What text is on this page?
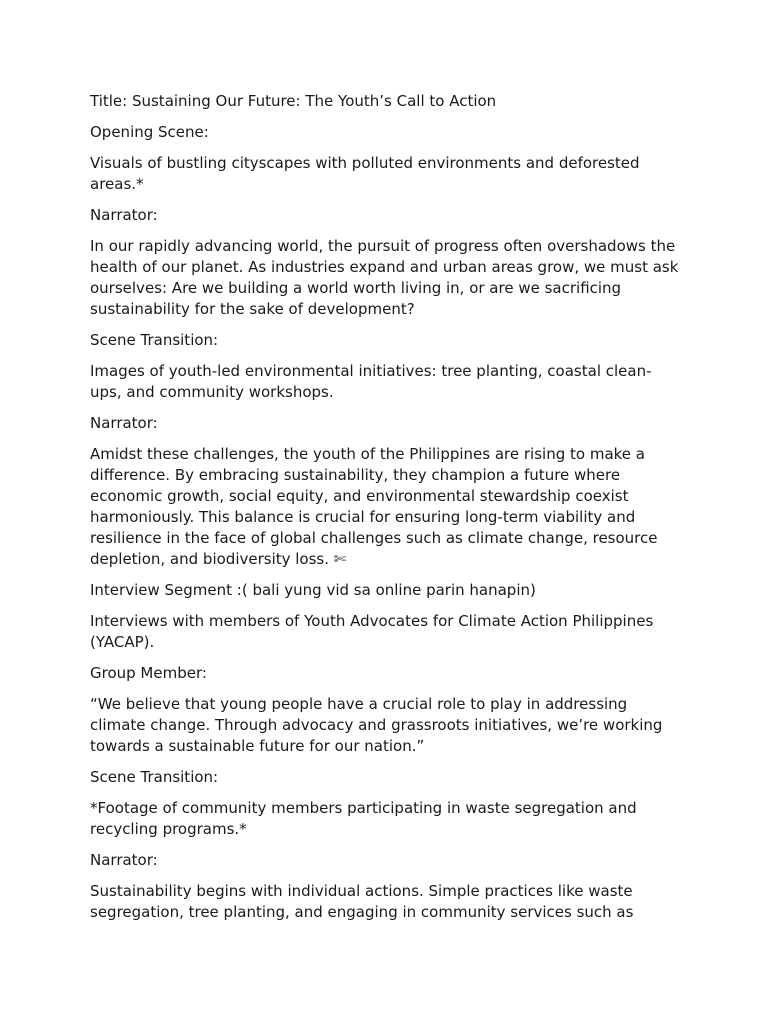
Title: Sustaining Our Future: The Youth’s Call to Action

Opening Scene:

Visuals of bustling cityscapes with polluted environments and deforested areas.*

Narrator:

In our rapidly advancing world, the pursuit of progress often overshadows the health of our planet. As industries expand and urban areas grow, we must ask ourselves: Are we building a world worth living in, or are we sacrificing sustainability for the sake of development?

Scene Transition:

Images of youth-led environmental initiatives: tree planting, coastal clean-ups, and community workshops.

Narrator:

Amidst these challenges, the youth of the Philippines are rising to make a difference. By embracing sustainability, they champion a future where economic growth, social equity, and environmental stewardship coexist harmoniously. This balance is crucial for ensuring long-term viability and resilience in the face of global challenges such as climate change, resource depletion, and biodiversity loss. ✄

Interview Segment :( bali yung vid sa online parin hanapin)

Interviews with members of Youth Advocates for Climate Action Philippines (YACAP).

Group Member:

“We believe that young people have a crucial role to play in addressing climate change. Through advocacy and grassroots initiatives, we’re working towards a sustainable future for our nation.”

Scene Transition:

*Footage of community members participating in waste segregation and recycling programs.*

Narrator:

Sustainability begins with individual actions. Simple practices like waste segregation, tree planting, and engaging in community services such as
